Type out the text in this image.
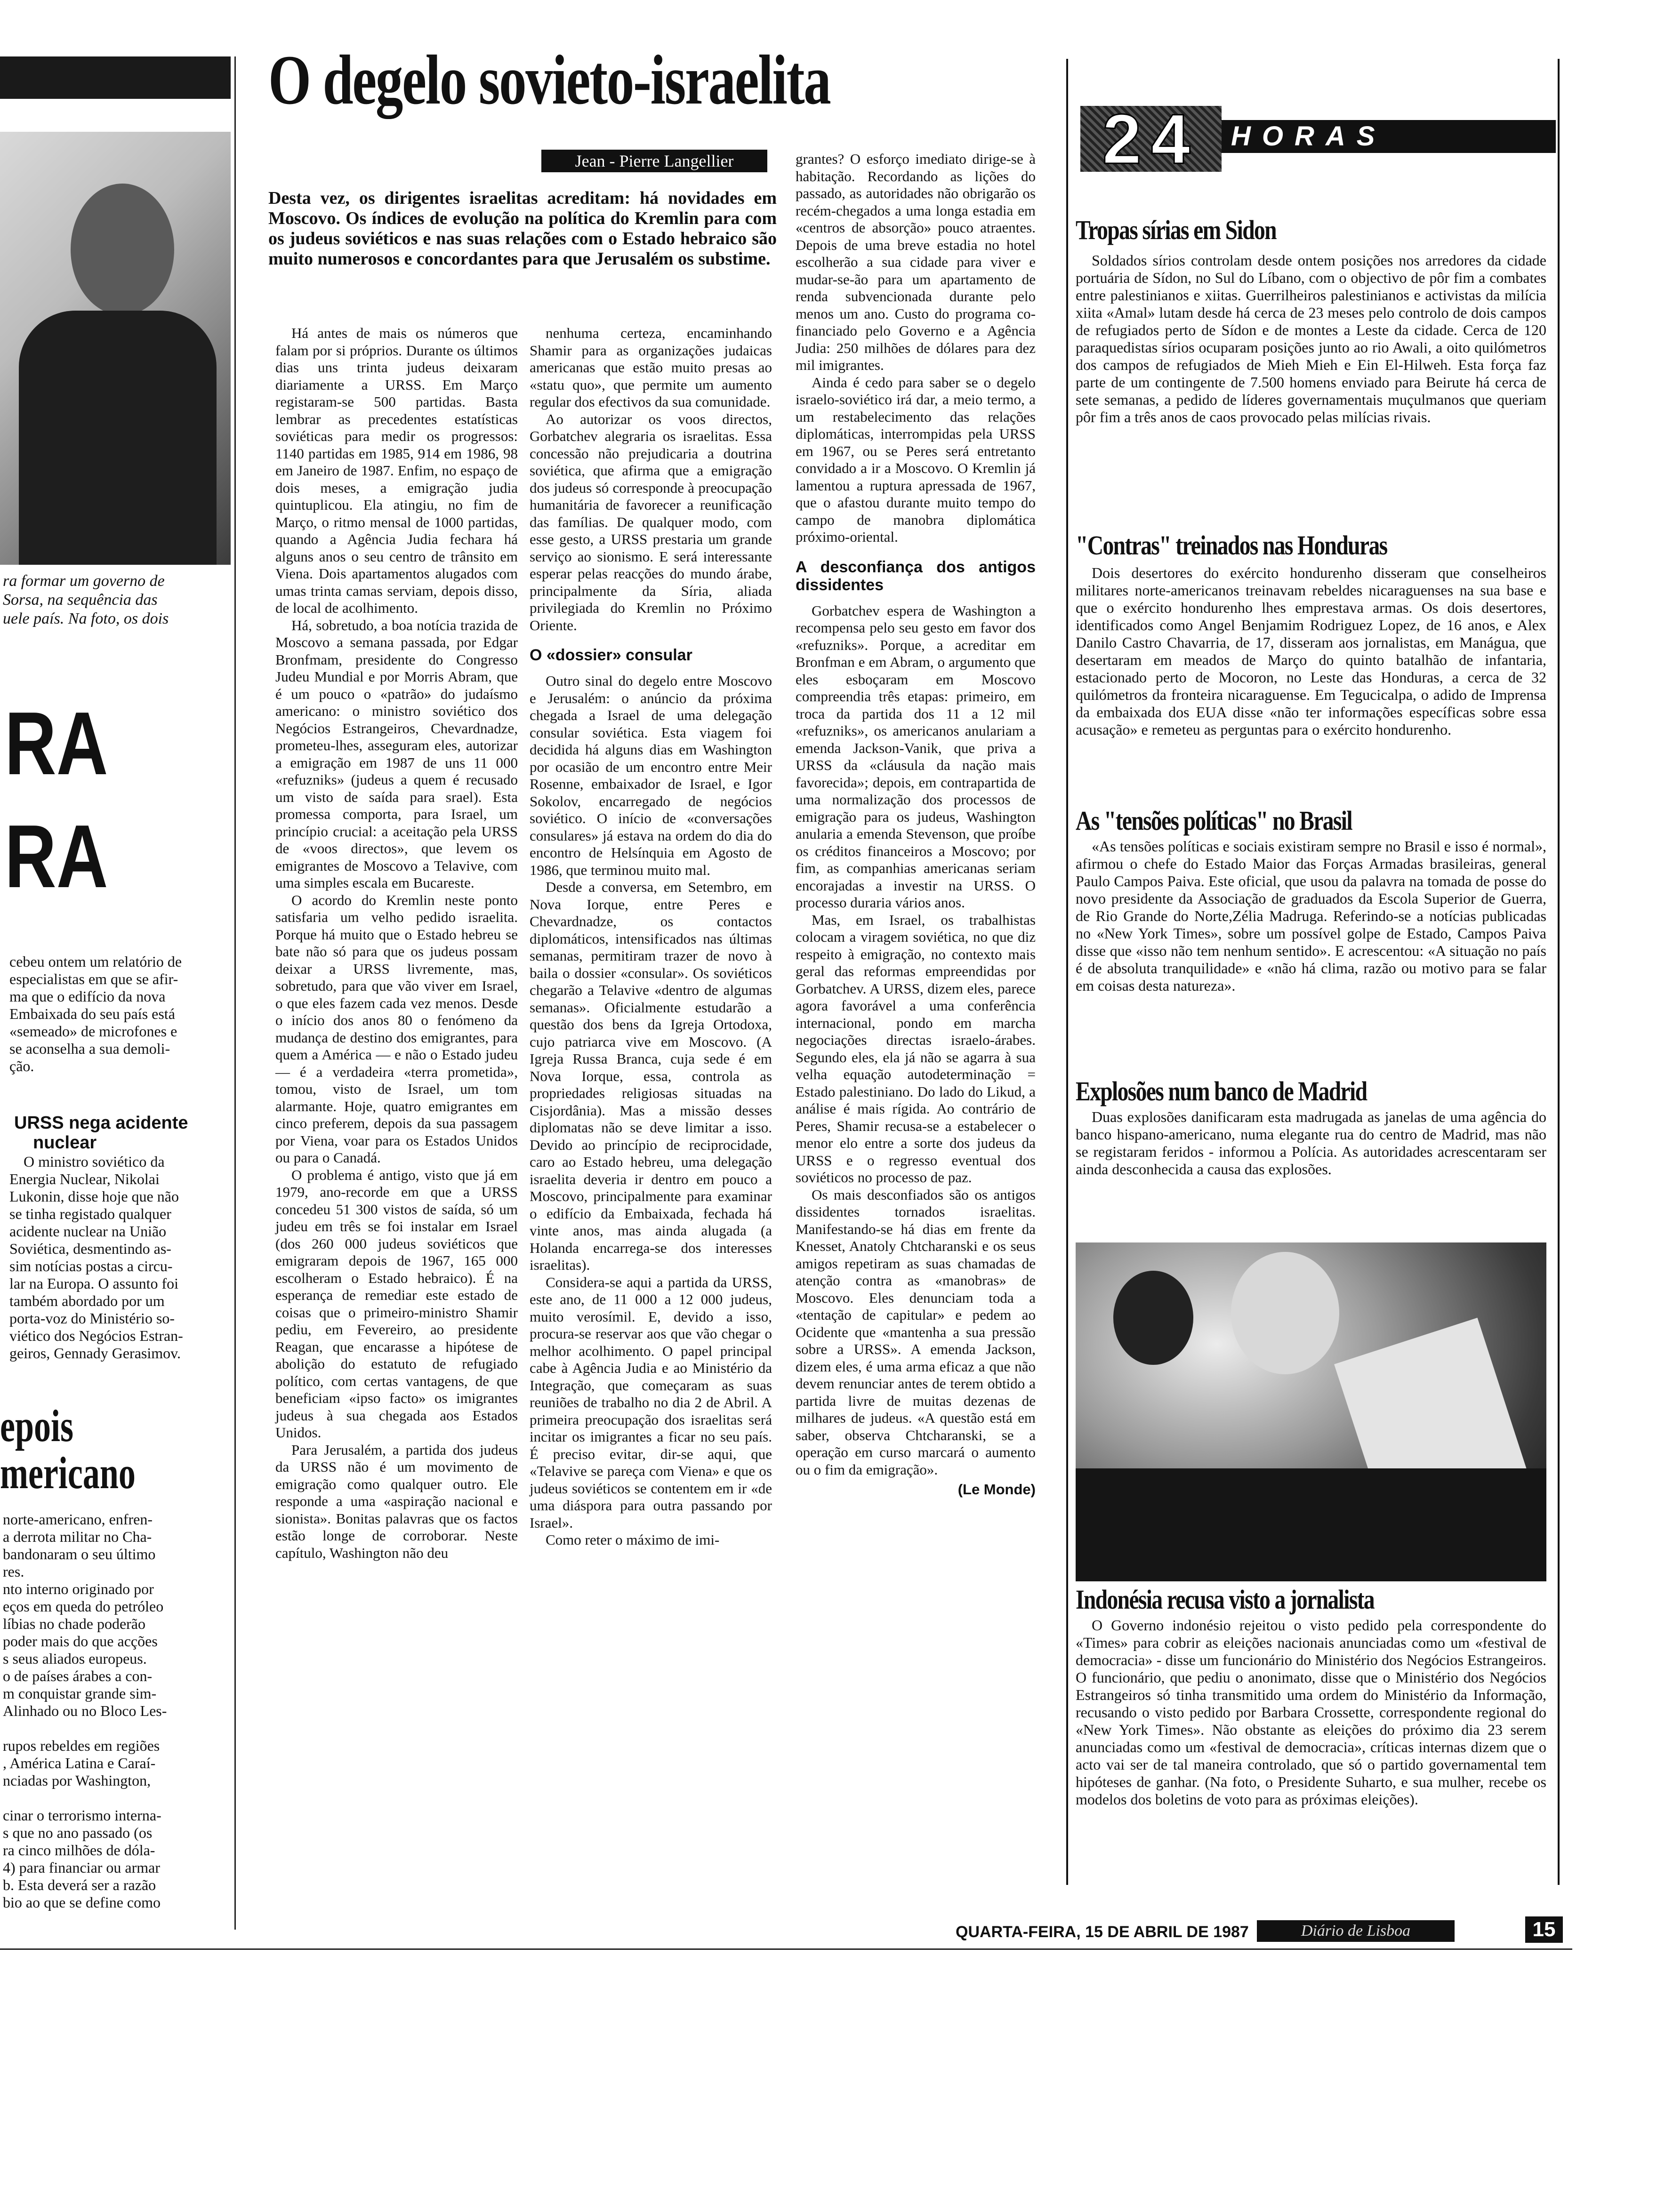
ra formar um governo de
Sorsa, na sequência das
uele país. Na foto, os dois
RA
RA
cebeu ontem um relatório de
especialistas em que se afir-
ma que o edifício da nova
Embaixada do seu país está
«semeado» de microfones e
se aconselha a sua demoli-
ção.
URSS nega acidente
nuclear
O ministro soviético da
Energia Nuclear, Nikolai
Lukonin, disse hoje que não
se tinha registado qualquer
acidente nuclear na União
Soviética, desmentindo as-
sim notícias postas a circu-
lar na Europa. O assunto foi
também abordado por um
porta-voz do Ministério so-
viético dos Negócios Estran-
geiros, Gennady Gerasimov.
epois
mericano
norte-americano, enfren-
a derrota militar no Cha-
bandonaram o seu último
res.
nto interno originado por
eços em queda do petróleo
líbias no chade poderão
poder mais do que acções
s seus aliados europeus.
o de países árabes a con-
m conquistar grande sim-
Alinhado ou no Bloco Les-
rupos rebeldes em regiões
, América Latina e Caraí-
nciadas por Washington,
cinar o terrorismo interna-
s que no ano passado (os
ra cinco milhões de dóla-
4) para financiar ou armar
b. Esta deverá ser a razão
bio ao que se define como
O degelo sovieto-israelita
Jean - Pierre Langellier
Desta vez, os dirigentes israelitas acreditam: há novidades em Moscovo. Os índices de evolução na política do Kremlin para com os judeus soviéticos e nas suas relações com o Estado hebraico são muito numerosos e concordantes para que Jerusalém os substime.

Há antes de mais os números que falam por si próprios. Durante os últimos dias uns trinta judeus deixaram diariamente a URSS. Em Março registaram-se 500 partidas. Basta lembrar as precedentes estatísticas soviéticas para medir os progressos: 1140 partidas em 1985, 914 em 1986, 98 em Janeiro de 1987. Enfim, no espaço de dois meses, a emigração judia quintuplicou. Ela atingiu, no fim de Março, o ritmo mensal de 1000 partidas, quando a Agência Judia fechara há alguns anos o seu centro de trânsito em Viena. Dois apartamentos alugados com umas trinta camas serviam, depois disso, de local de acolhimento.

Há, sobretudo, a boa notícia trazida de Moscovo a semana passada, por Edgar Bronfmam, presidente do Congresso Judeu Mundial e por Morris Abram, que é um pouco o «patrão» do judaísmo americano: o ministro soviético dos Negócios Estrangeiros, Chevardnadze, prometeu-lhes, asseguram eles, autorizar a emigração em 1987 de uns 11 000 «refuzniks» (judeus a quem é recusado um visto de saída para srael). Esta promessa comporta, para Israel, um princípio crucial: a aceitação pela URSS de «voos directos», que levem os emigrantes de Moscovo a Telavive, com uma simples escala em Bucareste.

O acordo do Kremlin neste ponto satisfaria um velho pedido israelita. Porque há muito que o Estado hebreu se bate não só para que os judeus possam deixar a URSS livremente, mas, sobretudo, para que vão viver em Israel, o que eles fazem cada vez menos. Desde o início dos anos 80 o fenómeno da mudança de destino dos emigrantes, para quem a América — e não o Estado judeu — é a verdadeira «terra prometida», tomou, visto de Israel, um tom alarmante. Hoje, quatro emigrantes em cinco preferem, depois da sua passagem por Viena, voar para os Estados Unidos ou para o Canadá.

O problema é antigo, visto que já em 1979, ano-recorde em que a URSS concedeu 51 300 vistos de saída, só um judeu em três se foi instalar em Israel (dos 260 000 judeus soviéticos que emigraram depois de 1967, 165 000 escolheram o Estado hebraico). É na esperança de remediar este estado de coisas que o primeiro-ministro Shamir pediu, em Fevereiro, ao presidente Reagan, que encarasse a hipótese de abolição do estatuto de refugiado político, com certas vantagens, de que beneficiam «ipso facto» os imigrantes judeus à sua chegada aos Estados Unidos.

Para Jerusalém, a partida dos judeus da URSS não é um movimento de emigração como qualquer outro. Ele responde a uma «aspiração nacional e sionista». Bonitas palavras que os factos estão longe de corroborar. Neste capítulo, Washington não deu

nenhuma certeza, encaminhando Shamir para as organizações judaicas americanas que estão muito presas ao «statu quo», que permite um aumento regular dos efectivos da sua comunidade.

Ao autorizar os voos directos, Gorbatchev alegraria os israelitas. Essa concessão não prejudicaria a doutrina soviética, que afirma que a emigração dos judeus só corresponde à preocupação humanitária de favorecer a reunificação das famílias. De qualquer modo, com esse gesto, a URSS prestaria um grande serviço ao sionismo. E será interessante esperar pelas reacções do mundo árabe, principalmente da Síria, aliada privilegiada do Kremlin no Próximo Oriente.

O «dossier» consular

Outro sinal do degelo entre Moscovo e Jerusalém: o anúncio da próxima chegada a Israel de uma delegação consular soviética. Esta viagem foi decidida há alguns dias em Washington por ocasião de um encontro entre Meir Rosenne, embaixador de Israel, e Igor Sokolov, encarregado de negócios soviético. O início de «conversações consulares» já estava na ordem do dia do encontro de Helsínquia em Agosto de 1986, que terminou muito mal.

Desde a conversa, em Setembro, em Nova Iorque, entre Peres e Chevardnadze, os contactos diplomáticos, intensificados nas últimas semanas, permitiram trazer de novo à baila o dossier «consular». Os soviéticos chegarão a Telavive «dentro de algumas semanas». Oficialmente estudarão a questão dos bens da Igreja Ortodoxa, cujo patriarca vive em Moscovo. (A Igreja Russa Branca, cuja sede é em Nova Iorque, essa, controla as propriedades religiosas situadas na Cisjordânia). Mas a missão desses diplomatas não se deve limitar a isso. Devido ao princípio de reciprocidade, caro ao Estado hebreu, uma delegação israelita deveria ir dentro em pouco a Moscovo, principalmente para examinar o edifício da Embaixada, fechada há vinte anos, mas ainda alugada (a Holanda encarrega-se dos interesses israelitas).

Considera-se aqui a partida da URSS, este ano, de 11 000 a 12 000 judeus, muito verosímil. E, devido a isso, procura-se reservar aos que vão chegar o melhor acolhimento. O papel principal cabe à Agência Judia e ao Ministério da Integração, que começaram as suas reuniões de trabalho no dia 2 de Abril. A primeira preocupação dos israelitas será incitar os imigrantes a ficar no seu país. É preciso evitar, dir-se aqui, que «Telavive se pareça com Viena» e que os judeus soviéticos se contentem em ir «de uma diáspora para outra passando por Israel».

Como reter o máximo de imi-

grantes? O esforço imediato dirige-se à habitação. Recordando as lições do passado, as autoridades não obrigarão os recém-chegados a uma longa estadia em «centros de absorção» pouco atraentes. Depois de uma breve estadia no hotel escolherão a sua cidade para viver e mudar-se-ão para um apartamento de renda subvencionada durante pelo menos um ano. Custo do programa co-financiado pelo Governo e a Agência Judia: 250 milhões de dólares para dez mil imigrantes.

Ainda é cedo para saber se o degelo israelo-soviético irá dar, a meio termo, a um restabelecimento das relações diplomáticas, interrompidas pela URSS em 1967, ou se Peres será entretanto convidado a ir a Moscovo. O Kremlin já lamentou a ruptura apressada de 1967, que o afastou durante muito tempo do campo de manobra diplomática próximo-oriental.

A desconfiança dos antigos dissidentes

Gorbatchev espera de Washington a recompensa pelo seu gesto em favor dos «refuzniks». Porque, a acreditar em Bronfman e em Abram, o argumento que eles esboçaram em Moscovo compreendia três etapas: primeiro, em troca da partida dos 11 a 12 mil «refuzniks», os americanos anulariam a emenda Jackson-Vanik, que priva a URSS da «cláusula da nação mais favorecida»; depois, em contrapartida de uma normalização dos processos de emigração para os judeus, Washington anularia a emenda Stevenson, que proíbe os créditos financeiros a Moscovo; por fim, as companhias americanas seriam encorajadas a investir na URSS. O processo duraria vários anos.

Mas, em Israel, os trabalhistas colocam a viragem soviética, no que diz respeito à emigração, no contexto mais geral das reformas empreendidas por Gorbatchev. A URSS, dizem eles, parece agora favorável a uma conferência internacional, pondo em marcha negociações directas israelo-árabes. Segundo eles, ela já não se agarra à sua velha equação autodeterminação = Estado palestiniano. Do lado do Likud, a análise é mais rígida. Ao contrário de Peres, Shamir recusa-se a estabelecer o menor elo entre a sorte dos judeus da URSS e o regresso eventual dos soviéticos no processo de paz.

Os mais desconfiados são os antigos dissidentes tornados israelitas. Manifestando-se há dias em frente da Knesset, Anatoly Chtcharanski e os seus amigos repetiram as suas chamadas de atenção contra as «manobras» de Moscovo. Eles denunciam toda a «tentação de capitular» e pedem ao Ocidente que «mantenha a sua pressão sobre a URSS». A emenda Jackson, dizem eles, é uma arma eficaz a que não devem renunciar antes de terem obtido a partida livre de muitas dezenas de milhares de judeus. «A questão está em saber, observa Chtcharanski, se a operação em curso marcará o aumento ou o fim da emigração».

(Le Monde)
24	HORAS
Tropas sírias em Sidon

Soldados sírios controlam desde ontem posições nos arredores da cidade portuária de Sídon, no Sul do Líbano, com o objectivo de pôr fim a combates entre palestinianos e xiitas. Guerrilheiros palestinianos e activistas da milícia xiita «Amal» lutam desde há cerca de 23 meses pelo controlo de dois campos de refugiados perto de Sídon e de montes a Leste da cidade. Cerca de 120 paraquedistas sírios ocuparam posições junto ao rio Awali, a oito quilómetros dos campos de refugiados de Mieh Mieh e Ein El-Hilweh. Esta força faz parte de um contingente de 7.500 homens enviado para Beirute há cerca de sete semanas, a pedido de líderes governamentais muçulmanos que queriam pôr fim a três anos de caos provocado pelas milícias rivais.

"Contras" treinados nas Honduras

Dois desertores do exército hondurenho disseram que conselheiros militares norte-americanos treinavam rebeldes nicaraguenses na sua base e que o exército hondurenho lhes emprestava armas. Os dois desertores, identificados como Angel Benjamim Rodriguez Lopez, de 16 anos, e Alex Danilo Castro Chavarria, de 17, disseram aos jornalistas, em Manágua, que desertaram em meados de Março do quinto batalhão de infantaria, estacionado perto de Mocoron, no Leste das Honduras, a cerca de 32 quilómetros da fronteira nicaraguense. Em Tegucicalpa, o adido de Imprensa da embaixada dos EUA disse «não ter informações específicas sobre essa acusação» e remeteu as perguntas para o exército hondurenho.

As "tensões políticas" no Brasil

«As tensões políticas e sociais existiram sempre no Brasil e isso é normal», afirmou o chefe do Estado Maior das Forças Armadas brasileiras, general Paulo Campos Paiva. Este oficial, que usou da palavra na tomada de posse do novo presidente da Associação de graduados da Escola Superior de Guerra, de Rio Grande do Norte,Zélia Madruga. Referindo-se a notícias publicadas no «New York Times», sobre um possível golpe de Estado, Campos Paiva disse que «isso não tem nenhum sentido». E acrescentou: «A situação no país é de absoluta tranquilidade» e «não há clima, razão ou motivo para se falar em coisas desta natureza».

Explosões num banco de Madrid

Duas explosões danificaram esta madrugada as janelas de uma agência do banco hispano-americano, numa elegante rua do centro de Madrid, mas não se registaram feridos - informou a Polícia. As autoridades acrescentaram ser ainda desconhecida a causa das explosões.

Indonésia recusa visto a jornalista

O Governo indonésio rejeitou o visto pedido pela correspondente do «Times» para cobrir as eleições nacionais anunciadas como um «festival de democracia» - disse um funcionário do Ministério dos Negócios Estrangeiros. O funcionário, que pediu o anonimato, disse que o Ministério dos Negócios Estrangeiros só tinha transmitido uma ordem do Ministério da Informação, recusando o visto pedido por Barbara Crossette, correspondente regional do «New York Times». Não obstante as eleições do próximo dia 23 serem anunciadas como um «festival de democracia», críticas internas dizem que o acto vai ser de tal maneira controlado, que só o partido governamental tem hipóteses de ganhar. (Na foto, o Presidente Suharto, e sua mulher, recebe os modelos dos boletins de voto para as próximas eleições).

QUARTA-FEIRA, 15 DE ABRIL DE 1987	Diário de Lisboa	15
